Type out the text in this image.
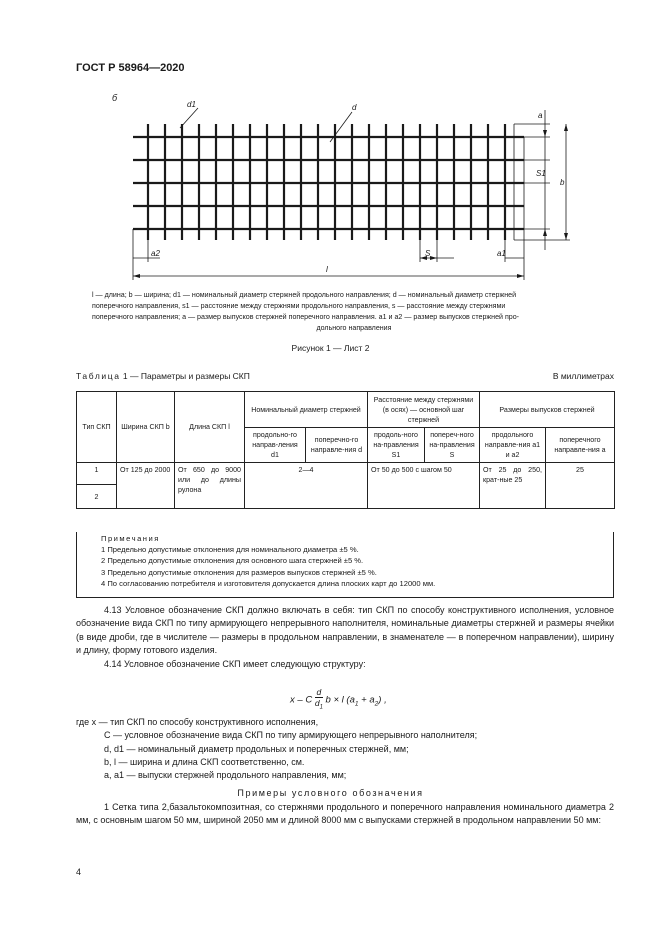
ГОСТ Р 58964—2020
б
d1	d
a2	S	a1
l
b
a
S1
l — длина; b — ширина; d1 — номинальный диаметр стержней продольного направления; d — номинальный диаметр стержней
поперечного направления, s1 — расстояние между стержнями продольного направления, s — расстояние между стержнями
поперечного направления; a — размер выпусков стержней поперечного направления. a1 и a2 — размер выпусков стержней про-
дольного направления
Рисунок 1 — Лист 2
Таблица 1 — Параметры и размеры СКП	В миллиметрах
Тип СКП	Ширина СКП b	Длина СКП l	Номинальный диаметр стержней		Расстояние между стержнями (в осях) — основной шаг стержней		Размеры выпусков стержней	
			продольно-го направ-ления d1	поперечно-го направле-ния d	продоль-ного на-правления S1	попереч-ного на-правления S	продольного направле-ния a1 и a2	поперечного направле-ния a
1	От 125 до 2000	От 650 до 9000 или до длины рулона	2—4		От 50 до 500 с шагом 50		От 25 до 250, крат-ные 25	25
2								
Примечания
1 Предельно допустимые отклонения для номинального диаметра ±5 %.
2 Предельно допустимые отклонения для основного шага стержней ±5 %.
3 Предельно допустимые отклонения для размеров выпусков стержней ±5 %.
4 По согласованию потребителя и изготовителя допускается длина плоских карт до 12000 мм.
4.13 Условное обозначение СКП должно включать в себя: тип СКП по способу конструктивного исполнения, условное обозначение вида СКП по типу армирующего непрерывного наполнителя, номинальные диаметры стержней и размеры ячейки (в виде дроби, где в числителе — размеры в продольном направлении, в знаменателе — в поперечном направлении), ширину и длину, форму готового изделия.
4.14 Условное обозначение СКП имеет следующую структуру:
x – C $\frac{d}{d_1}$ b × l $(a_1 + a_2)$ ,
где x — тип СКП по способу конструктивного исполнения,
C — условное обозначение вида СКП по типу армирующего непрерывного наполнителя;
d, d1 — номинальный диаметр продольных и поперечных стержней, мм;
b, l — ширина и длина СКП соответственно, см.
a, a1 — выпуски стержней продольного направления, мм;
Примеры условного обозначения
1 Сетка типа 2,базальтокомпозитная, со стержнями продольного и поперечного направления номинального диаметра 2 мм, с основным шагом 50 мм, шириной 2050 мм и длиной 8000 мм с выпусками стержней в продольном направлении 50 мм:
4
